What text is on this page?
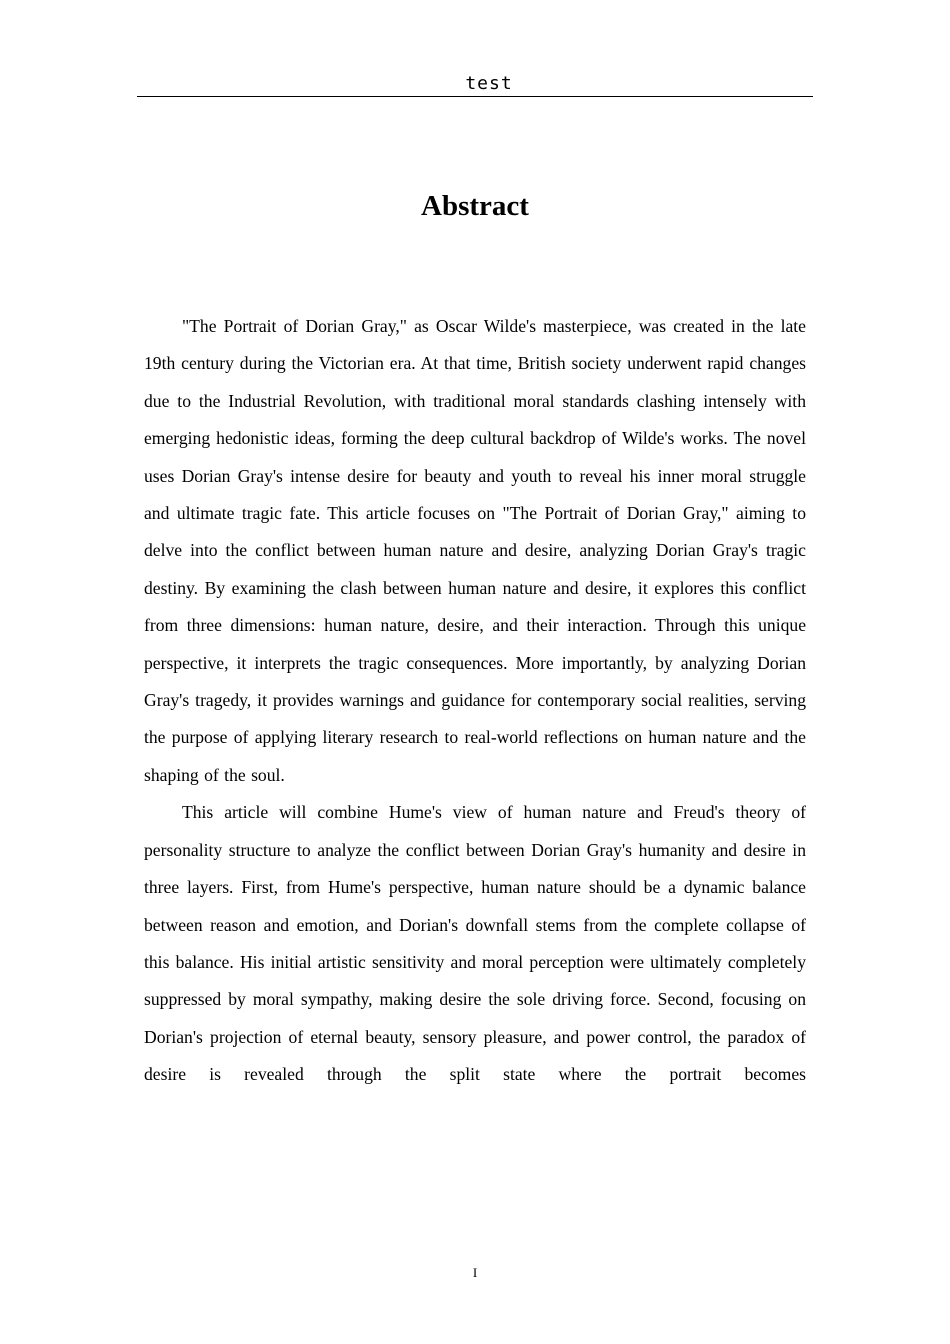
test
Abstract

"The Portrait of Dorian Gray," as Oscar Wilde's masterpiece, was created in the late 19th century during the Victorian era. At that time, British society underwent rapid changes due to the Industrial Revolution, with traditional moral standards clashing intensely with emerging hedonistic ideas, forming the deep cultural backdrop of Wilde's works. The novel uses Dorian Gray's intense desire for beauty and youth to reveal his inner moral struggle and ultimate tragic fate. This article focuses on "The Portrait of Dorian Gray," aiming to delve into the conflict between human nature and desire, analyzing Dorian Gray's tragic destiny. By examining the clash between human nature and desire, it explores this conflict from three dimensions: human nature, desire, and their interaction. Through this unique perspective, it interprets the tragic consequences. More importantly, by analyzing Dorian Gray's tragedy, it provides warnings and guidance for contemporary social realities, serving the purpose of applying literary research to real-world reflections on human nature and the shaping of the soul.

This article will combine Hume's view of human nature and Freud's theory of personality structure to analyze the conflict between Dorian Gray's humanity and desire in three layers. First, from Hume's perspective, human nature should be a dynamic balance between reason and emotion, and Dorian's downfall stems from the complete collapse of this balance. His initial artistic sensitivity and moral perception were ultimately completely suppressed by moral sympathy, making desire the sole driving force. Second, focusing on Dorian's projection of eternal beauty, sensory pleasure, and power control, the paradox of desire is revealed through the split state where the portrait becomes

I
